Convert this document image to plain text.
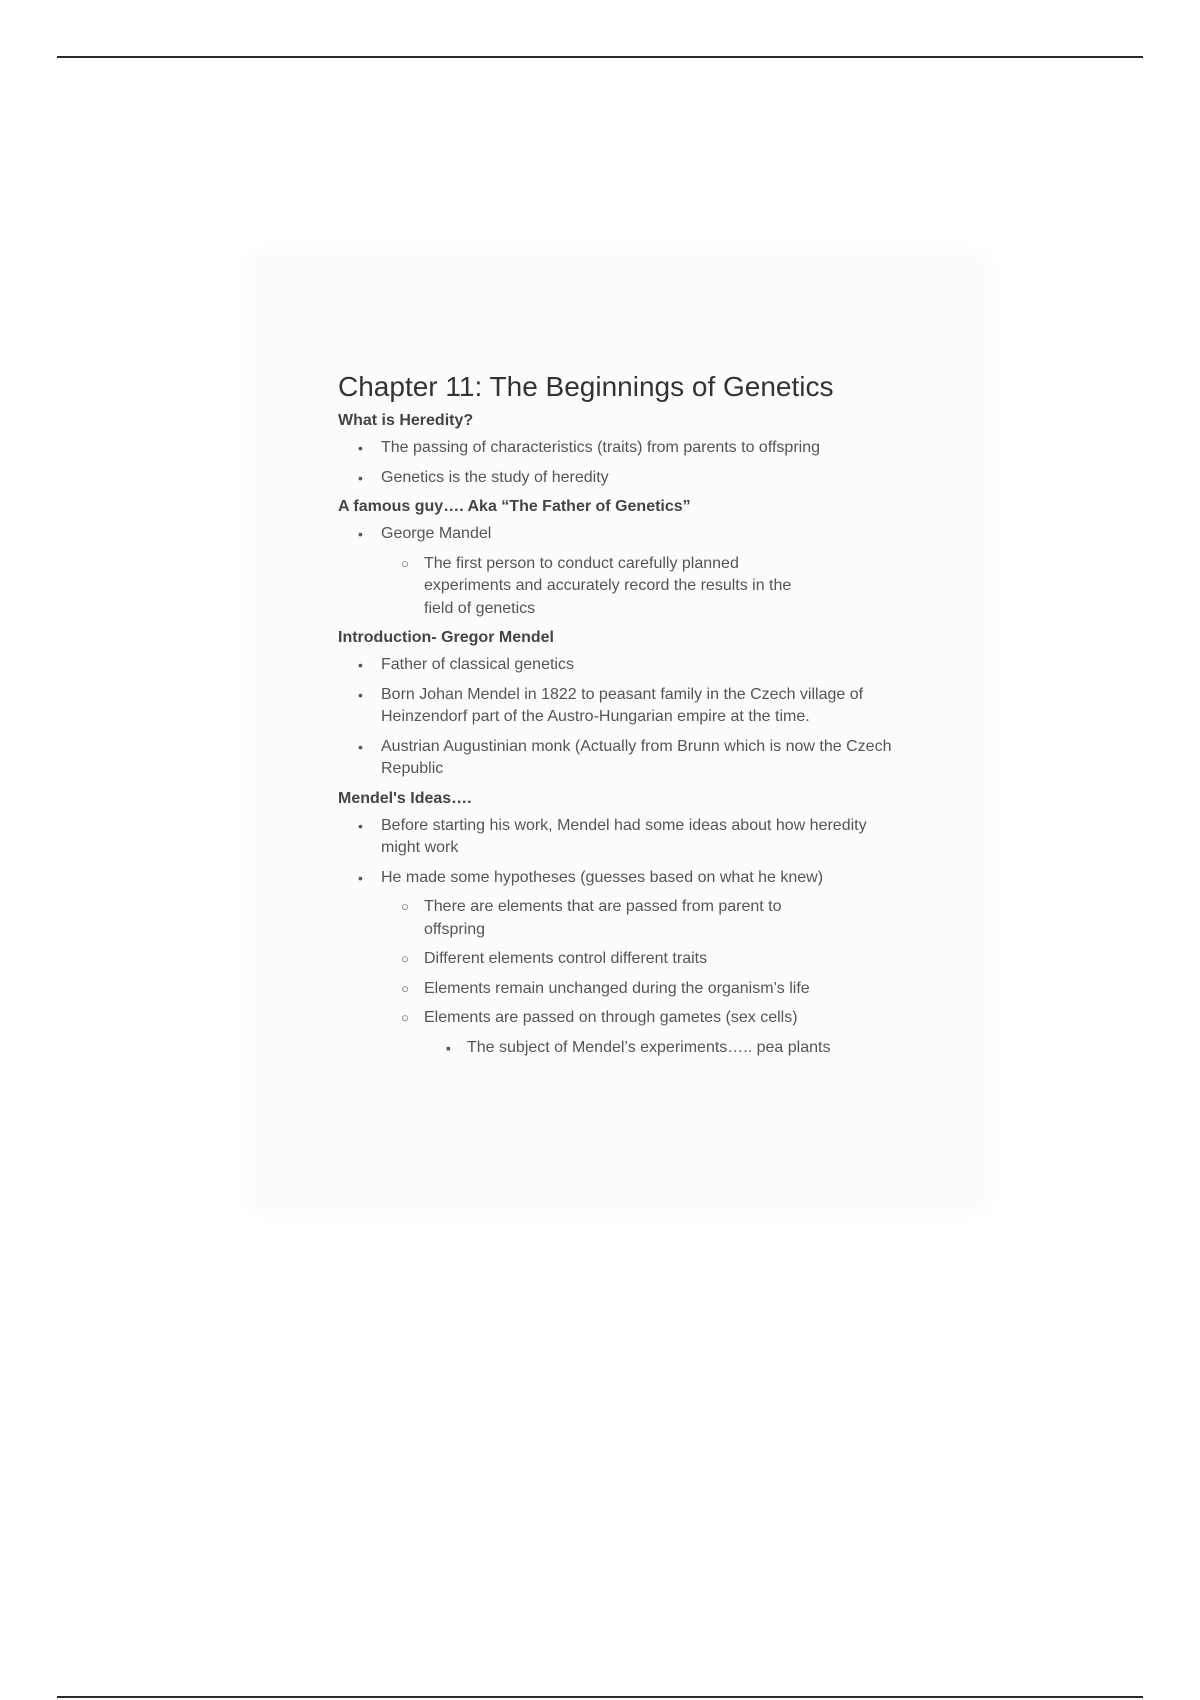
Chapter 11: The Beginnings of Genetics
What is Heredity?
• The passing of characteristics (traits) from parents to offspring
• Genetics is the study of heredity
A famous guy…. Aka “The Father of Genetics”
• George Mandel
○ The first person to conduct carefully planned experiments and accurately record the results in the field of genetics
Introduction- Gregor Mendel
• Father of classical genetics
• Born Johan Mendel in 1822 to peasant family in the Czech village of Heinzendorf part of the Austro-Hungarian empire at the time.
• Austrian Augustinian monk (Actually from Brunn which is now the Czech Republic
Mendel's Ideas….
• Before starting his work, Mendel had some ideas about how heredity might work
• He made some hypotheses (guesses based on what he knew)
○ There are elements that are passed from parent to offspring
○ Different elements control different traits
○ Elements remain unchanged during the organism’s life
○ Elements are passed on through gametes (sex cells)
▪ The subject of Mendel’s experiments….. pea plants
